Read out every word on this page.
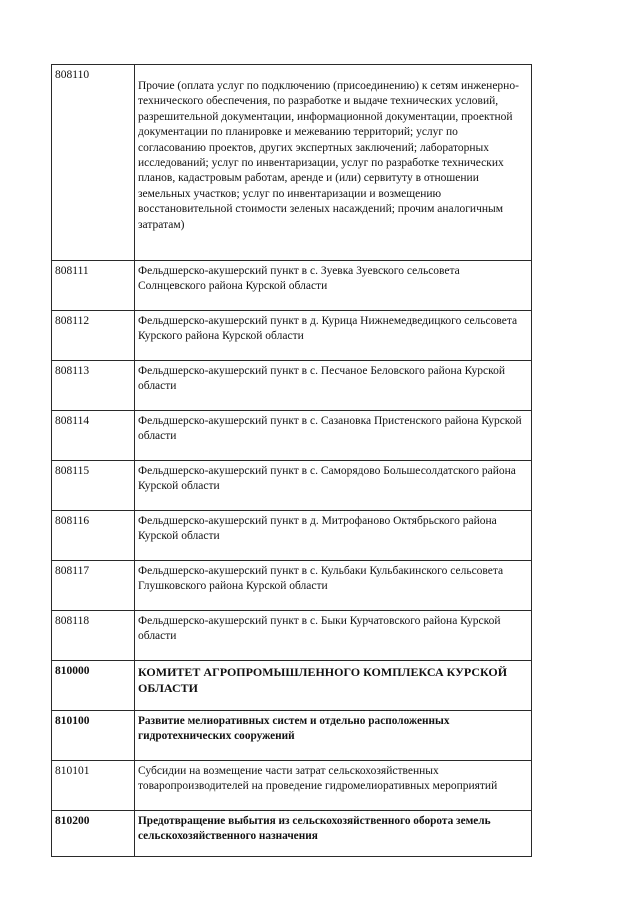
808110	Прочие (оплата услуг по подключению (присоединению) к сетям инженерно-технического обеспечения, по разработке и выдаче технических условий, разрешительной документации, информационной документации, проектной документации по планировке и межеванию территорий; услуг по согласованию проектов, других экспертных заключений; лабораторных исследований; услуг по инвентаризации, услуг по разработке технических планов, кадастровым работам, аренде и (или) сервитуту в отношении земельных участков; услуг по инвентаризации и возмещению восстановительной стоимости зеленых насаждений; прочим аналогичным затратам)
808111	Фельдшерско-акушерский пункт в с. Зуевка Зуевского сельсовета Солнцевского района Курской области
808112	Фельдшерско-акушерский пункт в д. Курица Нижнемедведицкого сельсовета Курского района Курской области
808113	Фельдшерско-акушерский пункт в с. Песчаное Беловского района Курской области
808114	Фельдшерско-акушерский пункт в с. Сазановка Пристенского района Курской области
808115	Фельдшерско-акушерский пункт в с. Саморядово Большесолдатского района Курской области
808116	Фельдшерско-акушерский пункт в д. Митрофаново Октябрьского района Курской области
808117	Фельдшерско-акушерский пункт в с. Кульбаки Кульбакинского сельсовета Глушковского района Курской области
808118	Фельдшерско-акушерский пункт в с. Быки Курчатовского района Курской области
810000	КОМИТЕТ АГРОПРОМЫШЛЕННОГО КОМПЛЕКСА КУРСКОЙ ОБЛАСТИ
810100	Развитие мелиоративных систем и отдельно расположенных гидротехнических сооружений
810101	Субсидии на возмещение части затрат сельскохозяйственных товаропроизводителей на проведение гидромелиоративных мероприятий
810200	Предотвращение выбытия из сельскохозяйственного оборота земель сельскохозяйственного назначения
